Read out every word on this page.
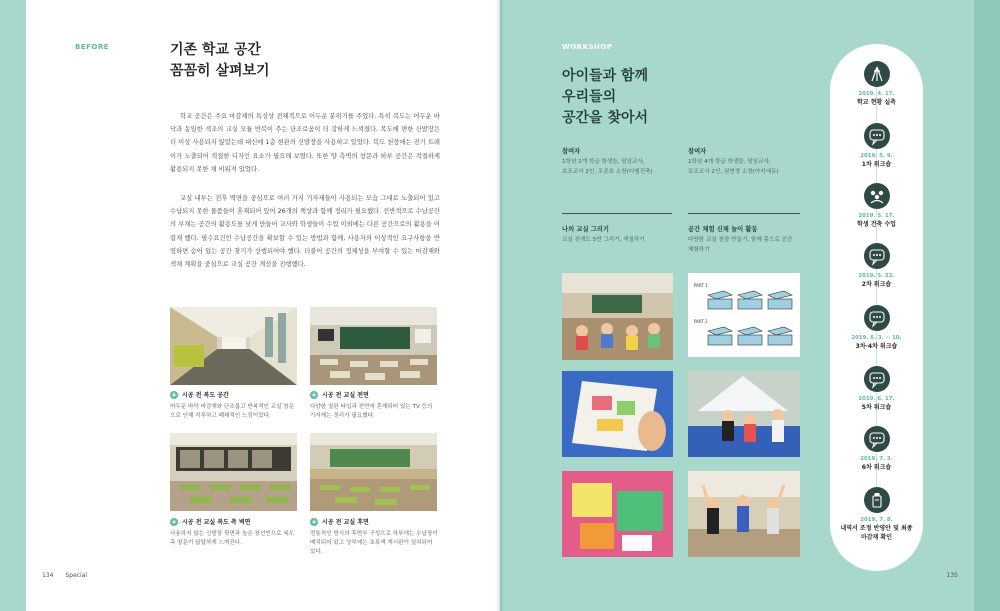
BEFORE	기존 학교 공간
꼼꼼히 살펴보기

학교 공간은 주요 마감재의 특성상 전체적으로 어두운 분위기를 주었다. 특히 복도는 어두운 바닥과 동일한 색조의 교실 모듈 반복이 주는 단조로움이 더 강하게 느껴졌다. 복도에 면한 신발장은 더 이상 사용되지 않았는데 대신에 1층 현관의 신발장을 사용하고 있었다. 복도 천장에는 전기 트레이가 노출되어 적절한 디자인 요소가 필요해 보였다. 또한 양 측벽의 창문과 하부 공간은 적절하게 활용되지 못한 채 비워져 있었다.

교실 내부는 전후 벽면을 중심으로 여러 가지 기자재들이 사용되는 모습 그대로 노출되어 있고 수납되지 못한 물품들이 혼재되어 있어 26개의 책상과 함께 정리가 필요했다. 전반적으로 수납공간의 부재는 공간의 활용도를 낮게 만들어 교사와 학생들이 수업 이외에는 다른 공간으로의 활용을 어렵게 했다. 필수요건인 수납공간을 확보할 수 있는 방법과 함께, 사용자의 이상적인 요구사항을 반영하면 숨어 있는 공간 찾기가 선행되어야 했다. 더불어 공간의 정체성을 부여할 수 있는 마감재와 색채 계획을 중심으로 교실 공간 개선을 진행했다.

+ 시공 전 복도 공간
어두운 바닥 마감재와 단조롭고 반복적인 교실 창문으로 인해 지루하고 폐쇄적인 느낌이었다.
+ 시공 전 교실 전면
다양한 칠판 타입과 전면에 혼재되어 있는 TV 등의 기자재는 정리가 필요했다.
+ 시공 전 교실 복도 측 벽면
사용하지 않는 신발장 뒷면과 높은 창선반으로 복도 측 창문이 답답하게 느껴진다.
+ 시공 전 교실 후면
전통적인 방식의 후면부 구성으로 하부에는 수납장이 배치되어 있고 상부에는 초록색 게시판이 설치되어 있다.
134 Special
WORKSHOP
아이들과 함께
우리들의
공간을 찾아서
참여자
1학년 2개 학급 학생들, 담임교사,
보조교사 2인, 조준호 소장(디엠건축)
참여자
1학년 4개 학급 학생들, 담임교사,
보조교사 2인, 권현정 소장(아키에듀)
나의 교실 그리기
교실 전개도 5면 그리기, 색칠하기
공간 체험 신체 놀이 활동
다양한 교실 천장 만들기, 함께 몸으로 공간
체험하기
PART 1
PART 2
2019. 4. 17.
학교 현황 실측
2019. 5. 9.
1차 워크숍
2019. 5. 17.
학생 건축 수업
2019. 5. 22.
2차 워크숍
2019. 6. 3. ~ 10.
3차·4차 워크숍
2019. 6. 17.
5차 워크숍
2019. 7. 3.
6차 워크숍
2019. 7. 8.
내역서 조정 반영안 및 최종 마감재 확인
135
